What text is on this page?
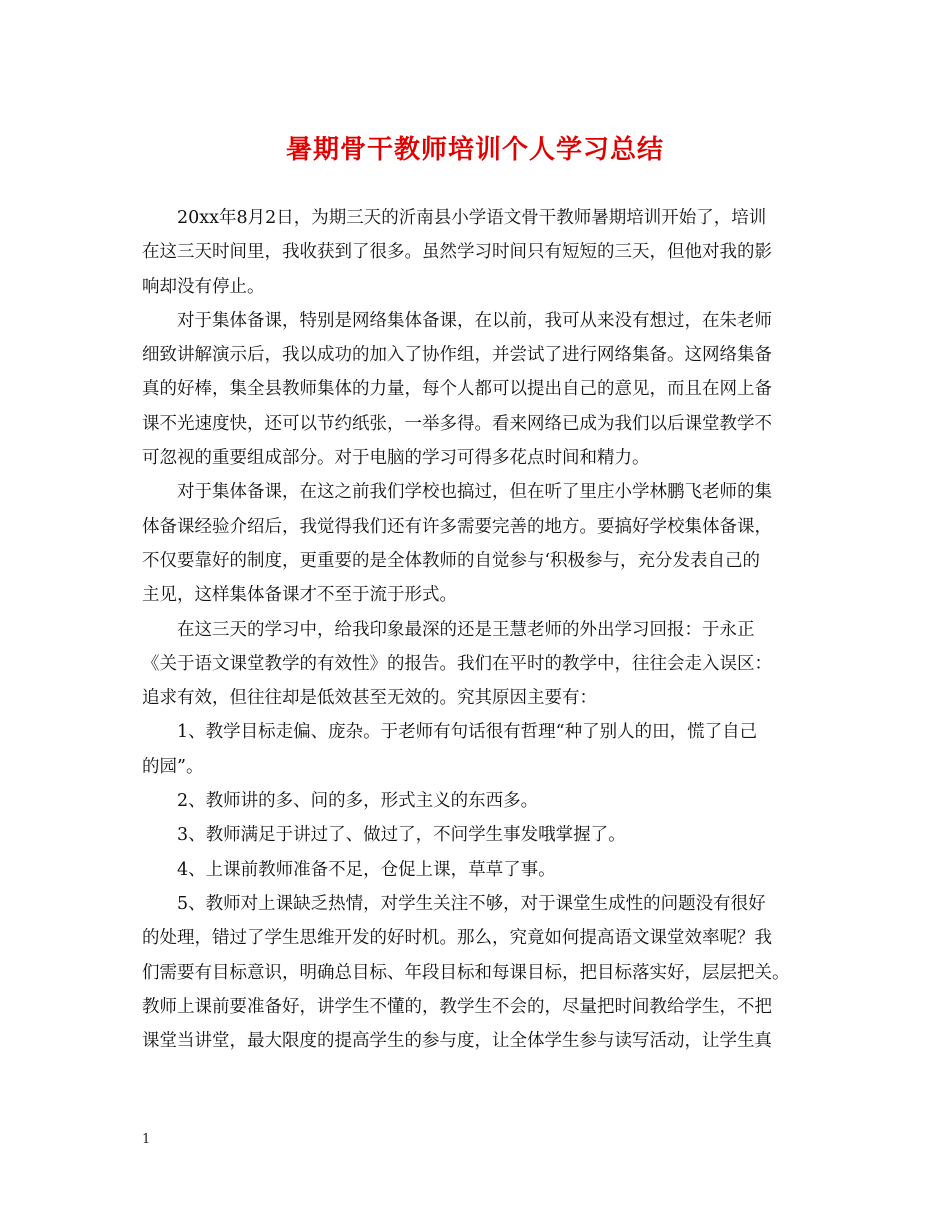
暑期骨干教师培训个人学习总结
20xx年8月2日，为期三天的沂南县小学语文骨干教师暑期培训开始了，培训
在这三天时间里，我收获到了很多。虽然学习时间只有短短的三天，但他对我的影
响却没有停止。
对于集体备课，特别是网络集体备课，在以前，我可从来没有想过，在朱老师
细致讲解演示后，我以成功的加入了协作组，并尝试了进行网络集备。这网络集备
真的好棒，集全县教师集体的力量，每个人都可以提出自己的意见，而且在网上备
课不光速度快，还可以节约纸张，一举多得。看来网络已成为我们以后课堂教学不
可忽视的重要组成部分。对于电脑的学习可得多花点时间和精力。
对于集体备课，在这之前我们学校也搞过，但在听了里庄小学林鹏飞老师的集
体备课经验介绍后，我觉得我们还有许多需要完善的地方。要搞好学校集体备课，
不仅要靠好的制度，更重要的是全体教师的自觉参与‘积极参与，充分发表自己的
主见，这样集体备课才不至于流于形式。
在这三天的学习中，给我印象最深的还是王慧老师的外出学习回报：于永正
《关于语文课堂教学的有效性》的报告。我们在平时的教学中，往往会走入误区：
追求有效，但往往却是低效甚至无效的。究其原因主要有：
1、教学目标走偏、庞杂。于老师有句话很有哲理“种了别人的田，慌了自己
的园”。
2、教师讲的多、问的多，形式主义的东西多。
3、教师满足于讲过了、做过了，不问学生事发哦掌握了。
4、上课前教师准备不足，仓促上课，草草了事。
5、教师对上课缺乏热情，对学生关注不够，对于课堂生成性的问题没有很好
的处理，错过了学生思维开发的好时机。那么，究竟如何提高语文课堂效率呢？我
们需要有目标意识，明确总目标、年段目标和每课目标，把目标落实好，层层把关。
教师上课前要准备好，讲学生不懂的，教学生不会的，尽量把时间教给学生，不把
课堂当讲堂，最大限度的提高学生的参与度，让全体学生参与读写活动，让学生真
1
